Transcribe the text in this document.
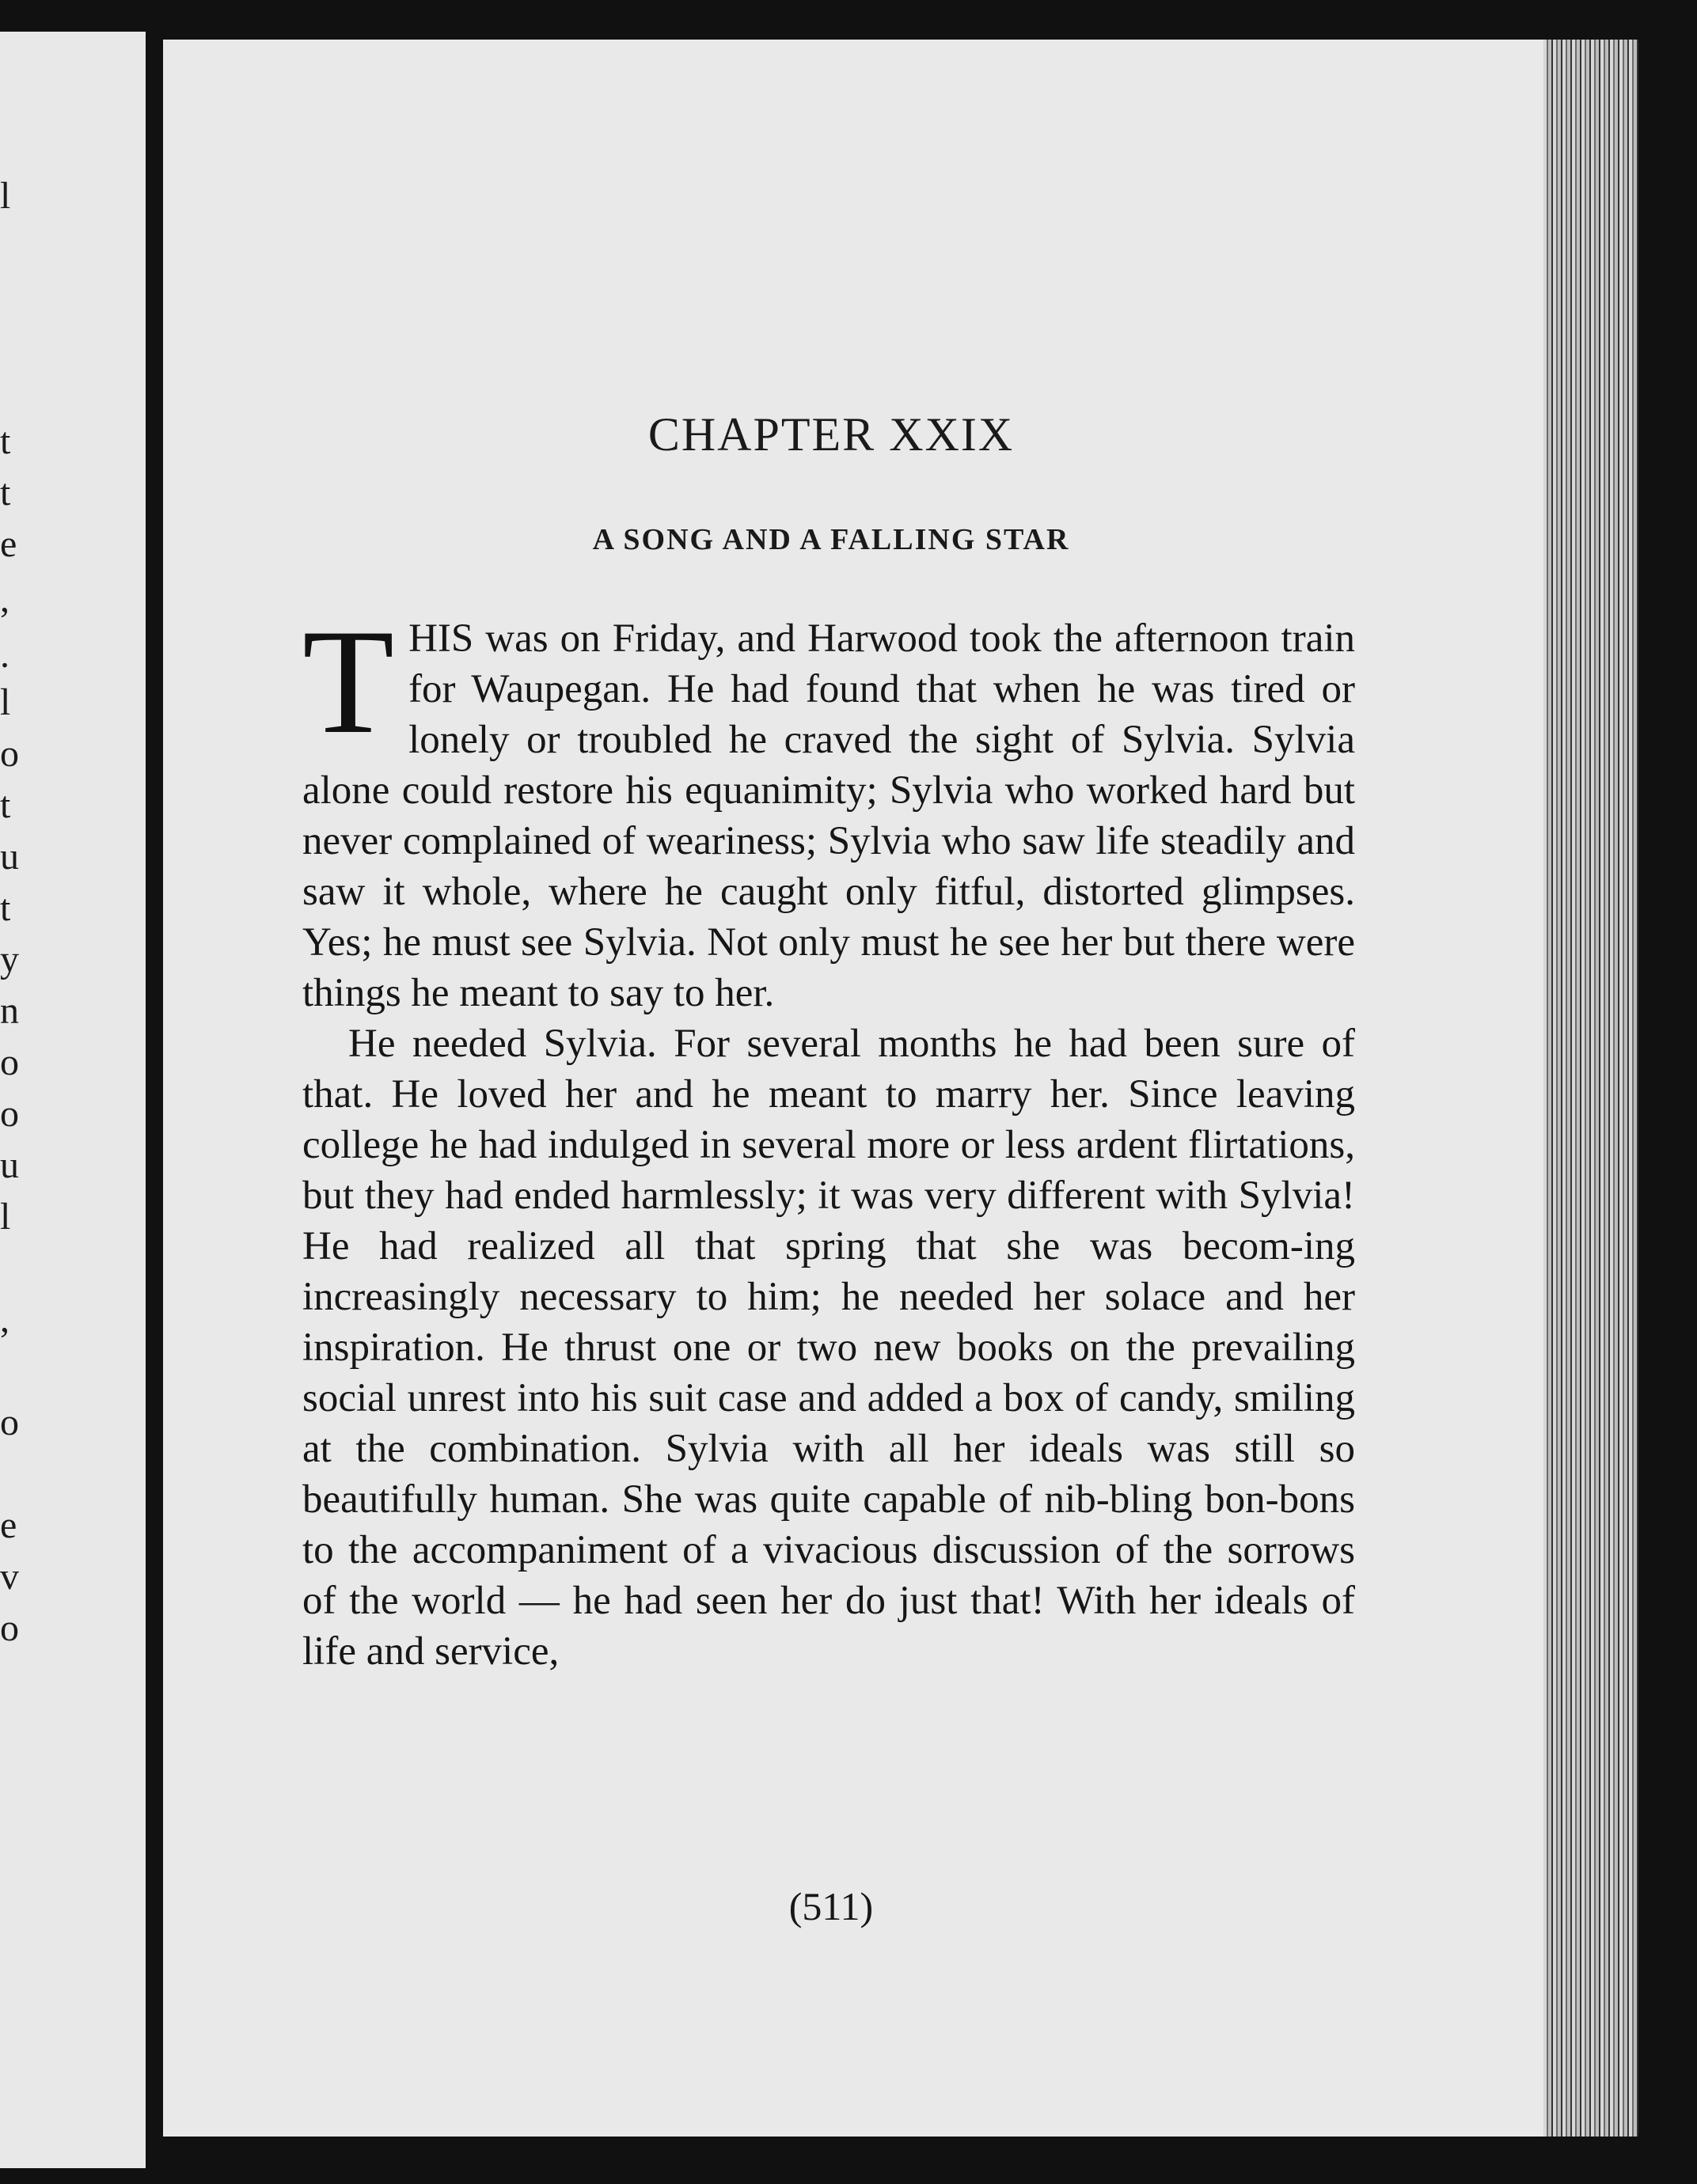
l
t
t
e
,
.
l
o
t
u
t
y
n
o
o
u
l
,
o
e
v
o
CHAPTER XXIX
A SONG AND A FALLING STAR

THIS was on Friday, and Harwood took the afternoon train for Waupegan. He had found that when he was tired or lonely or troubled he craved the sight of Sylvia. Sylvia alone could restore his equanimity; Sylvia who worked hard but never complained of weariness; Sylvia who saw life steadily and saw it whole, where he caught only fitful, distorted glimpses. Yes; he must see Sylvia. Not only must he see her but there were things he meant to say to her.

He needed Sylvia. For several months he had been sure of that. He loved her and he meant to marry her. Since leaving college he had indulged in several more or less ardent flirtations, but they had ended harmlessly; it was very different with Sylvia! He had realized all that spring that she was becom-ing increasingly necessary to him; he needed her solace and her inspiration. He thrust one or two new books on the prevailing social unrest into his suit case and added a box of candy, smiling at the combination. Sylvia with all her ideals was still so beautifully human. She was quite capable of nib-bling bon-bons to the accompaniment of a vivacious discussion of the sorrows of the world — he had seen her do just that! With her ideals of life and service,

(511)
